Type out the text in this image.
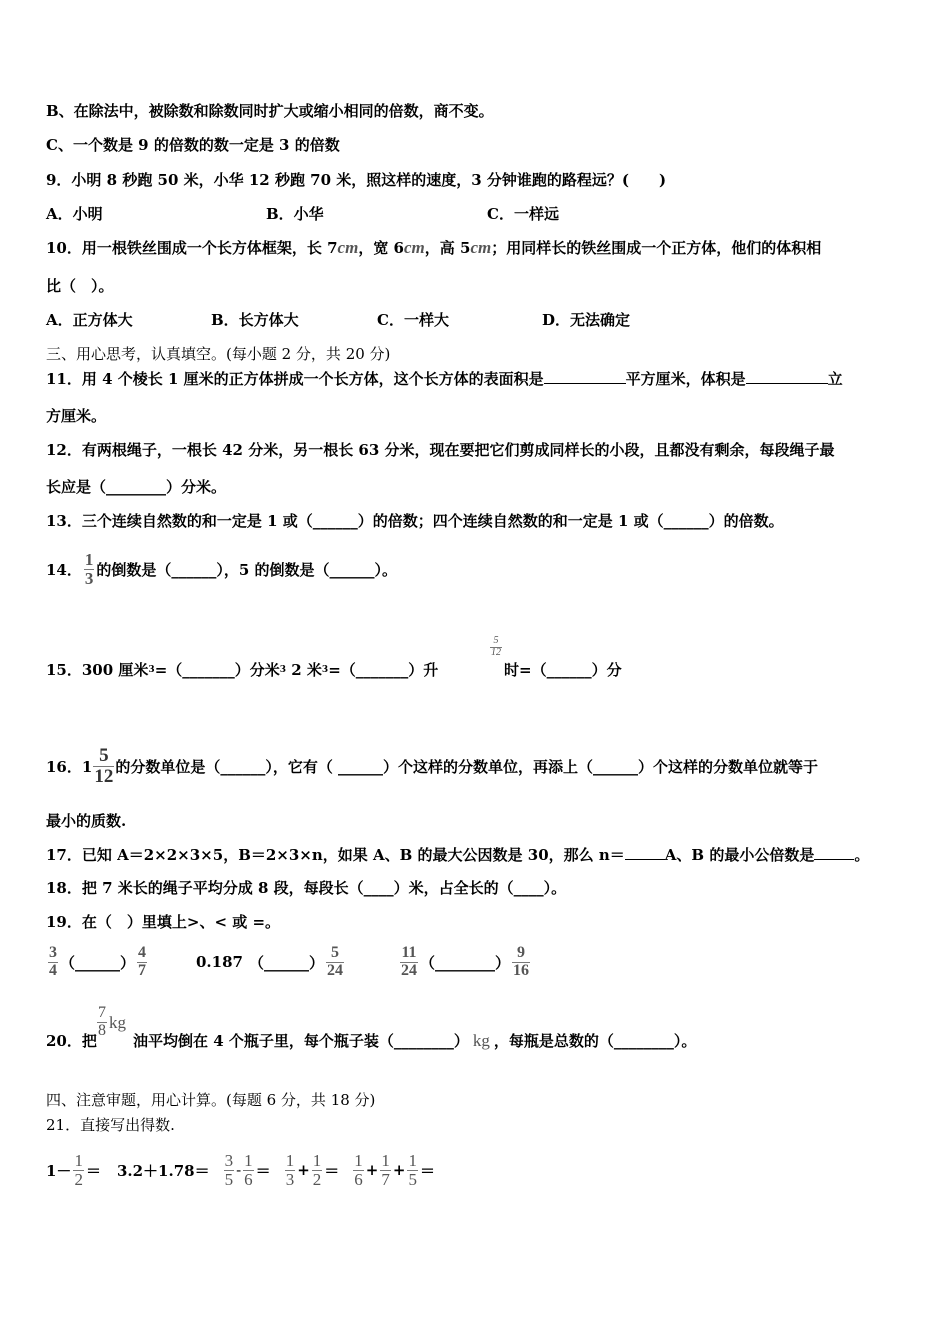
B、在除法中，被除数和除数同时扩大或缩小相同的倍数，商不变。
C、一个数是 9 的倍数的数一定是 3 的倍数
9．小明 8 秒跑 50 米，小华 12 秒跑 70 米，照这样的速度，3 分钟谁跑的路程远？(　　)
A．小明	B．小华	C．一样远
10．用一根铁丝围成一个长方体框架，长 7cm，宽 6cm，高 5cm；用同样长的铁丝围成一个正方体，他们的体积相
比（　）。
A．正方体大	B．长方体大	C．一样大	D．无法确定
三、用心思考，认真填空。(每小题 2 分，共 20 分)
11．用 4 个棱长 1 厘米的正方体拼成一个长方体，这个长方体的表面积是	平方厘米，体积是	立
方厘米。
12．有两根绳子，一根长 42 分米，另一根长 63 分米，现在要把它们剪成同样长的小段，且都没有剩余，每段绳子最
长应是（________）分米。
13．三个连续自然数的和一定是 1 或（______）的倍数；四个连续自然数的和一定是 1 或（______）的倍数。
14． $\frac{1}{3}$ 的倒数是（______），5 的倒数是（______）。
15．300 厘米$^3$=（_______）分米$^3$ 2 米$^3$=（_______）升
$\frac{5}{12}$
时=（______）分
16．$1 \frac{5}{12}$ 的分数单位是（______），它有（ ______）个这样的分数单位，再添上（______）个这样的分数单位就等于
最小的质数.
17．已知 A＝2×2×3×5，B＝2×3×n，如果 A、B 的最大公因数是 30，那么 n＝	A、B 的最小公倍数是	。
18．把 7 米长的绳子平均分成 8 段，每段长（____）米，占全长的（____）。
19．在（　）里填上>、< 或 =。
$\frac{3}{4}$ （______） $\frac{4}{7}$	0.187 （______） $\frac{5}{24}$	$\frac{11}{24}$ （________） $\frac{9}{16}$
20．把
$\frac{7}{8}$ kg
油平均倒在 4 个瓶子里，每个瓶子装（________） kg ，每瓶是总数的（________）。
四、注意审题，用心计算。(每题 6 分，共 18 分)
21．直接写出得数.
$1- \frac{1}{2} = 3.2+1.78= \frac{3}{5} - \frac{1}{6} = \frac{1}{3} + \frac{1}{2} = \frac{1}{6} + \frac{1}{7} + \frac{1}{5}$ ＝
